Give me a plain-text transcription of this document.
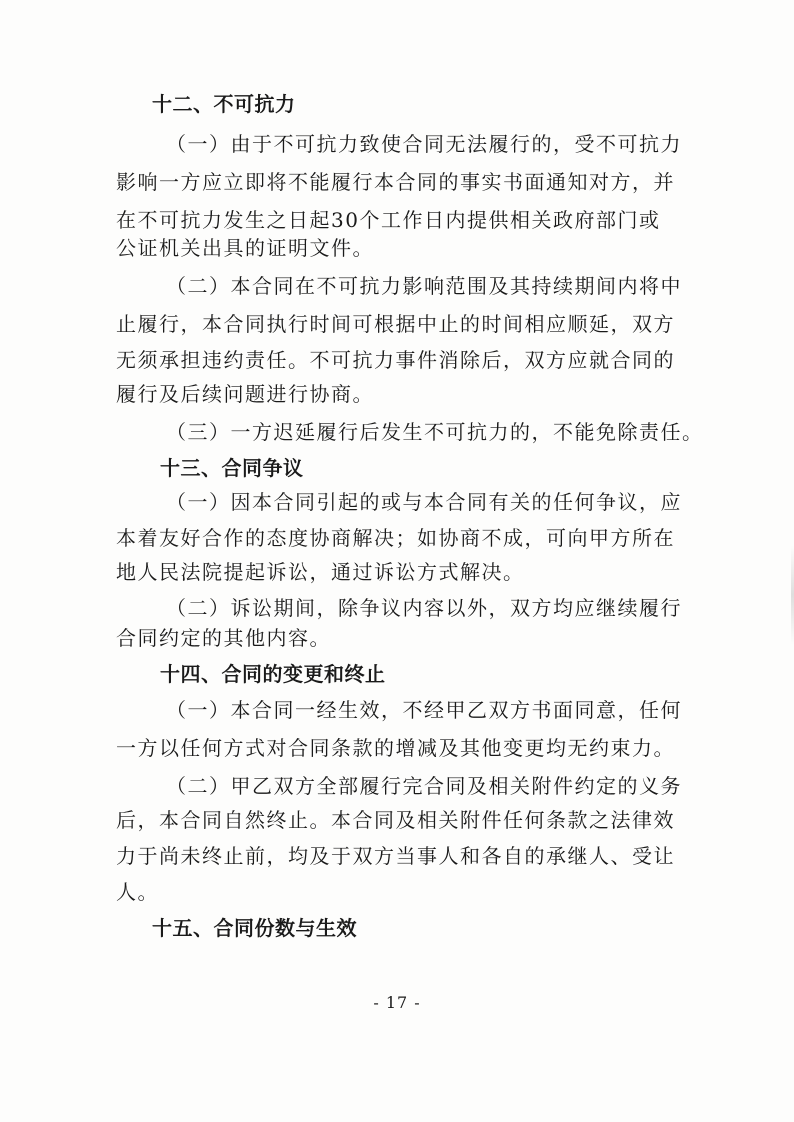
十二、不可抗力
（一）由于不可抗力致使合同无法履行的，受不可抗力
影响一方应立即将不能履行本合同的事实书面通知对方，并
在不可抗力发生之日起30个工作日内提供相关政府部门或
公证机关出具的证明文件。
（二）本合同在不可抗力影响范围及其持续期间内将中
止履行，本合同执行时间可根据中止的时间相应顺延，双方
无须承担违约责任。不可抗力事件消除后，双方应就合同的
履行及后续问题进行协商。
（三）一方迟延履行后发生不可抗力的，不能免除责任。
十三、合同争议
（一）因本合同引起的或与本合同有关的任何争议，应
本着友好合作的态度协商解决；如协商不成，可向甲方所在
地人民法院提起诉讼，通过诉讼方式解决。
（二）诉讼期间，除争议内容以外，双方均应继续履行
合同约定的其他内容。
十四、合同的变更和终止
（一）本合同一经生效，不经甲乙双方书面同意，任何
一方以任何方式对合同条款的增减及其他变更均无约束力。
（二）甲乙双方全部履行完合同及相关附件约定的义务
后，本合同自然终止。本合同及相关附件任何条款之法律效
力于尚未终止前，均及于双方当事人和各自的承继人、受让
人。
十五、合同份数与生效
- 17 -
